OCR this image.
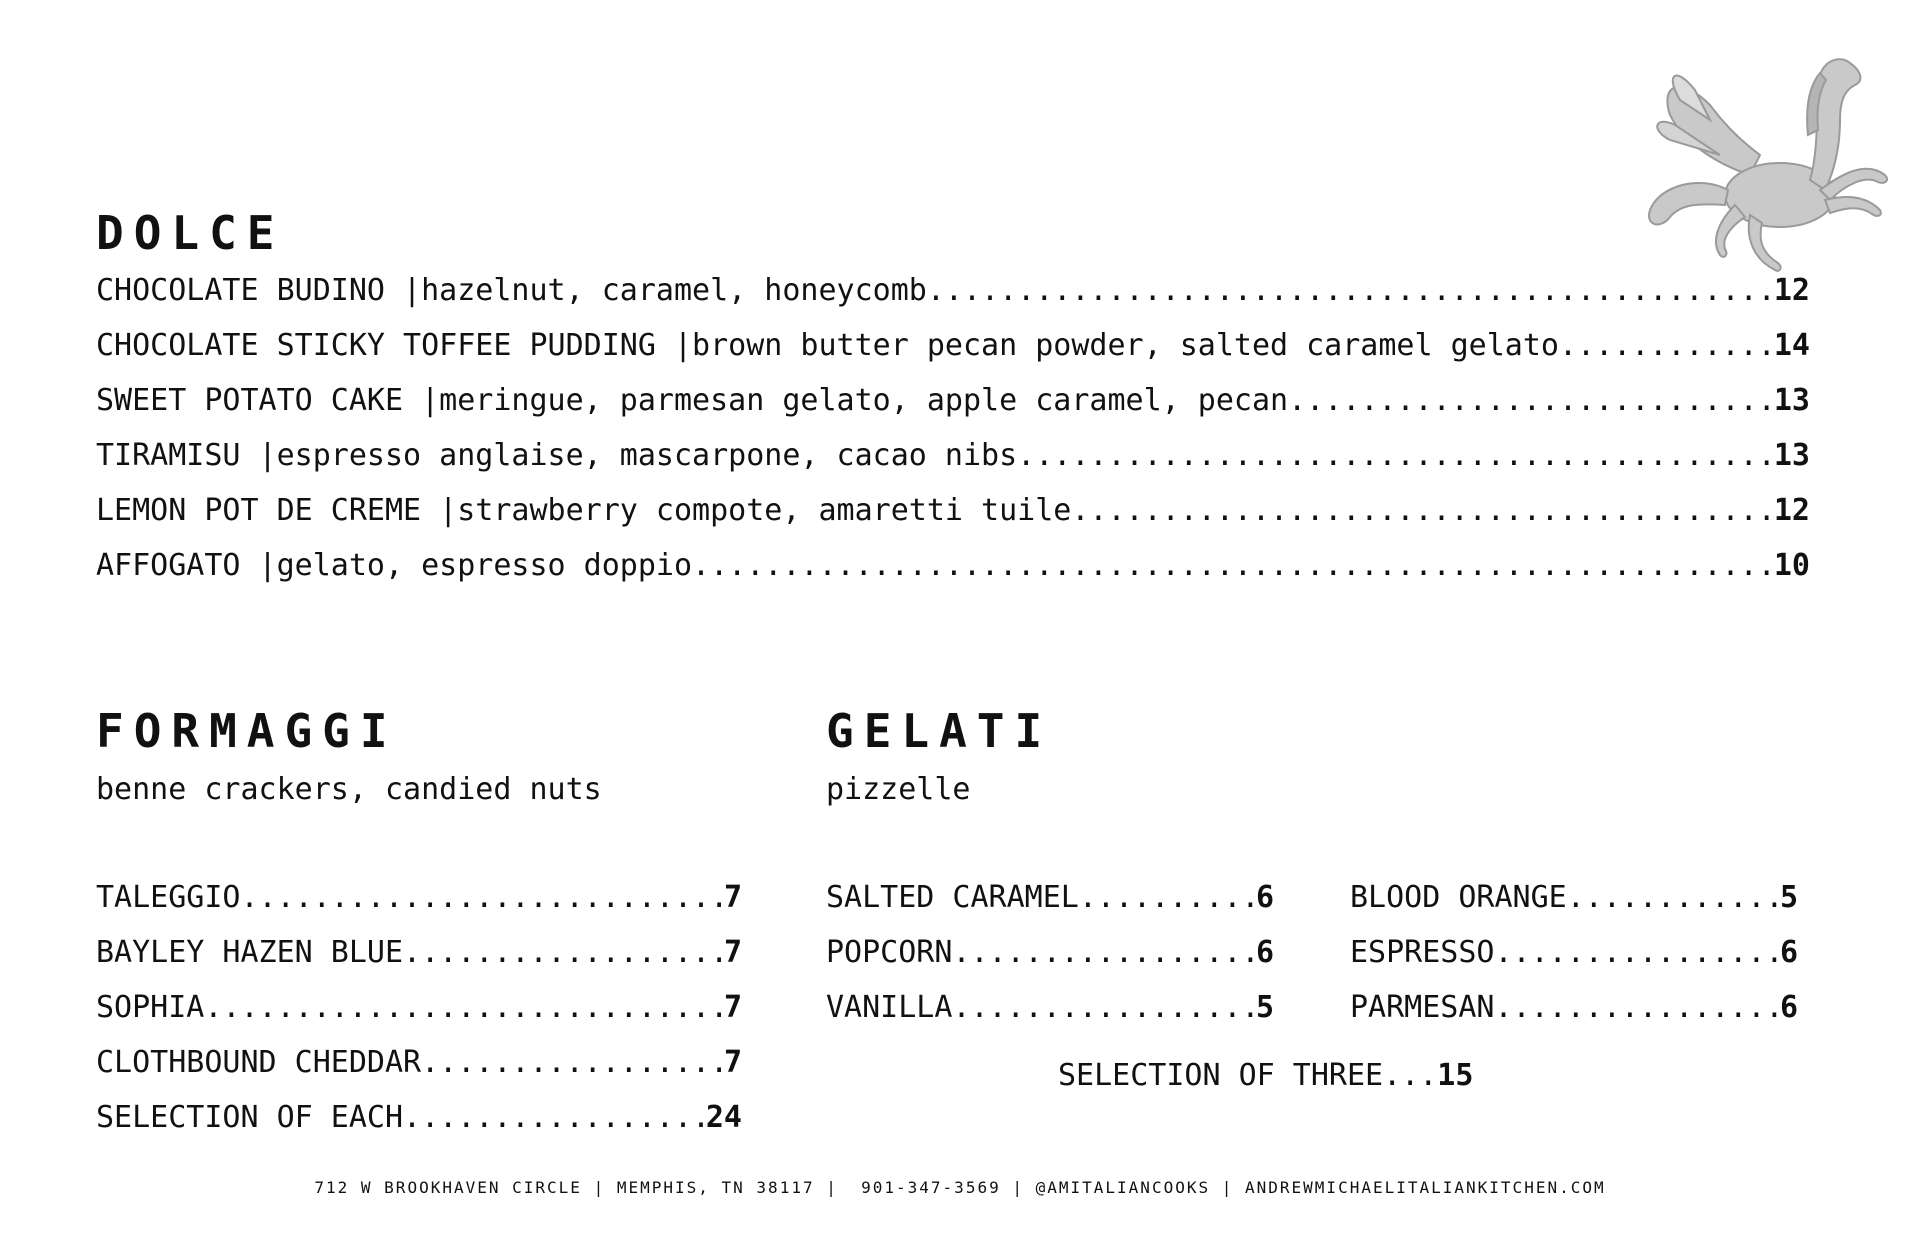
DOLCE
CHOCOLATE BUDINO | hazelnut, caramel, honeycomb .....	12
CHOCOLATE STICKY TOFFEE PUDDING | brown butter pecan powder, salted caramel gelato .....	14
SWEET POTATO CAKE | meringue, parmesan gelato, apple caramel, pecan .....	13
TIRAMISU | espresso anglaise, mascarpone, cacao nibs .....	13
LEMON POT DE CREME | strawberry compote, amaretti tuile .....	12
AFFOGATO | gelato, espresso doppio .....	10
FORMAGGI
benne crackers, candied nuts
TALEGGIO .....	7
BAYLEY HAZEN BLUE .....	7
SOPHIA .....	7
CLOTHBOUND CHEDDAR .....	7
SELECTION OF EACH .....	24
GELATI
pizzelle
SALTED CARAMEL .....	6
POPCORN .....	6
VANILLA .....	5
BLOOD ORANGE .....	5
ESPRESSO .....	6
PARMESAN .....	6
SELECTION OF THREE...15
712 W BROOKHAVEN CIRCLE | MEMPHIS, TN 38117 |  901-347-3569 | @AMITALIANCOOKS | ANDREWMICHAELITALIANKITCHEN.COM
